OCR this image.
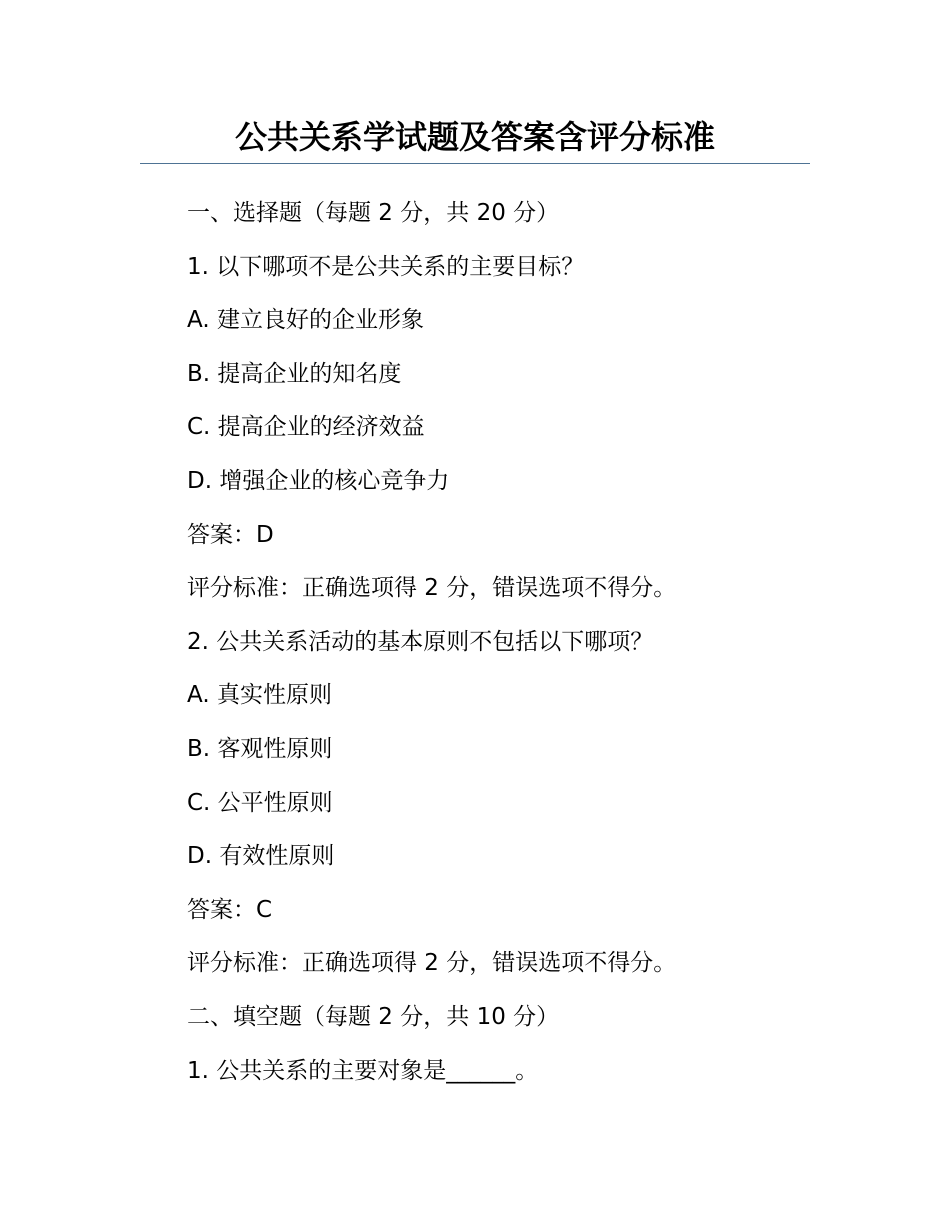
公共关系学试题及答案含评分标准
一、选择题（每题 2 分，共 20 分）
1. 以下哪项不是公共关系的主要目标？
A. 建立良好的企业形象
B. 提高企业的知名度
C. 提高企业的经济效益
D. 增强企业的核心竞争力
答案：D
评分标准：正确选项得 2 分，错误选项不得分。
2. 公共关系活动的基本原则不包括以下哪项？
A. 真实性原则
B. 客观性原则
C. 公平性原则
D. 有效性原则
答案：C
评分标准：正确选项得 2 分，错误选项不得分。
二、填空题（每题 2 分，共 10 分）
1. 公共关系的主要对象是______。
